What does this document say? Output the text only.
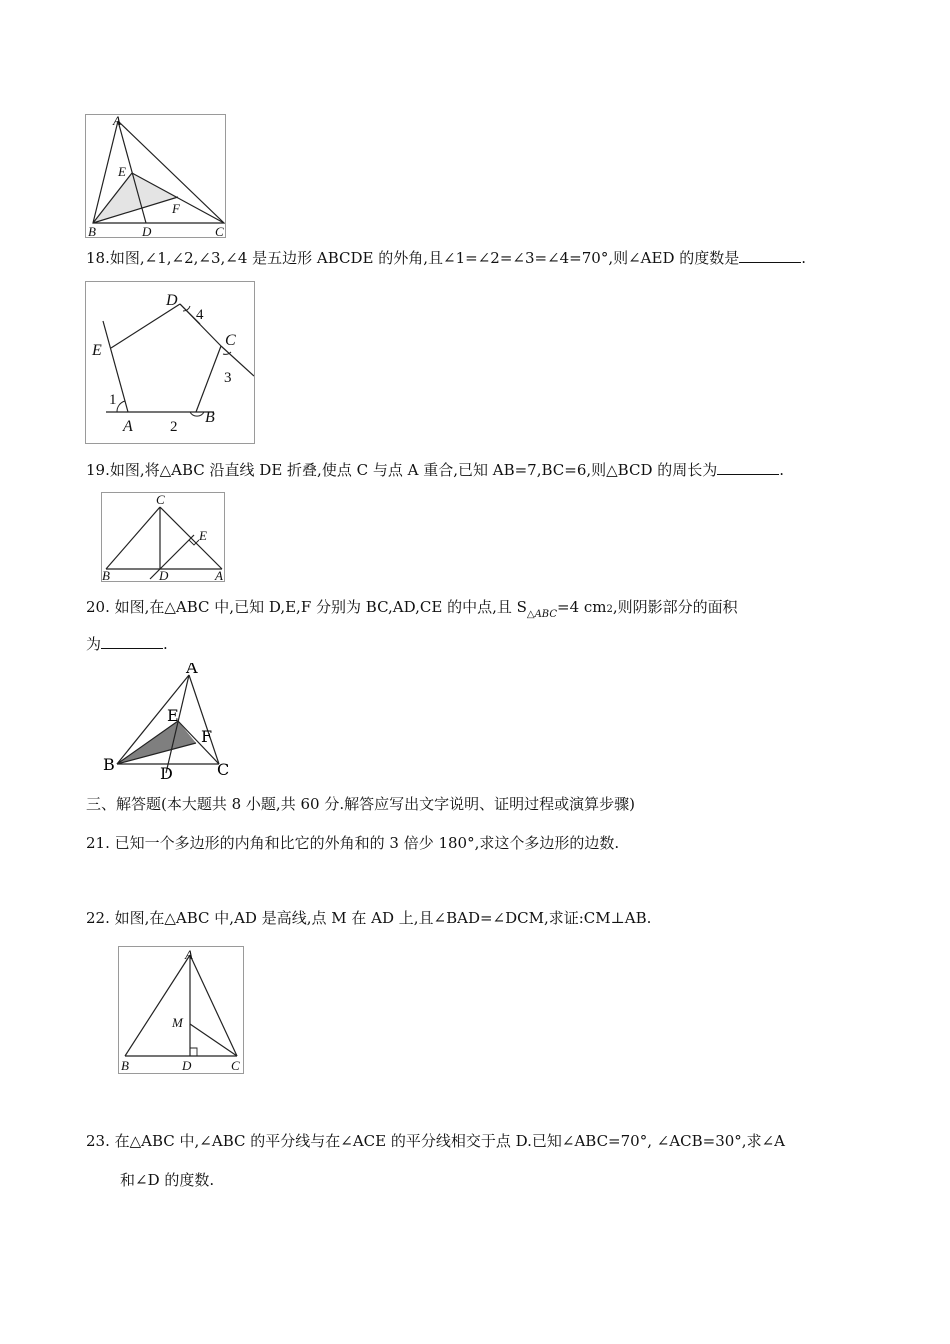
A
E
F
B	D	C
18.如图,∠1,∠2,∠3,∠4 是五边形 ABCDE 的外角,且∠1=∠2=∠3=∠4=70°,则∠AED 的度数是	.
D
4
C
E
3
1
A 2
B
19.如图,将△ABC 沿直线 DE 折叠,使点 C 与点 A 重合,已知 AB=7,BC=6,则△BCD 的周长为	.
C
E
B	D	A
20. 如图,在△ABC 中,已知 D,E,F 分别为 BC,AD,CE 的中点,且 $S_{\triangle ABC}=4$ cm2,则阴影部分的面积
为	.
A
E
F
B	D	C
三、解答题(本大题共 8 小题,共 60 分.解答应写出文字说明、证明过程或演算步骤)
21. 已知一个多边形的内角和比它的外角和的 3 倍少 180°,求这个多边形的边数.
22. 如图,在△ABC 中,AD 是高线,点 M 在 AD 上,且∠BAD=∠DCM,求证:CM⊥AB.
A
M
B	D	C
23. 在△ABC 中,∠ABC 的平分线与在∠ACE 的平分线相交于点 D.已知∠ABC=70°, ∠ACB=30°,求∠A
和∠D 的度数.
